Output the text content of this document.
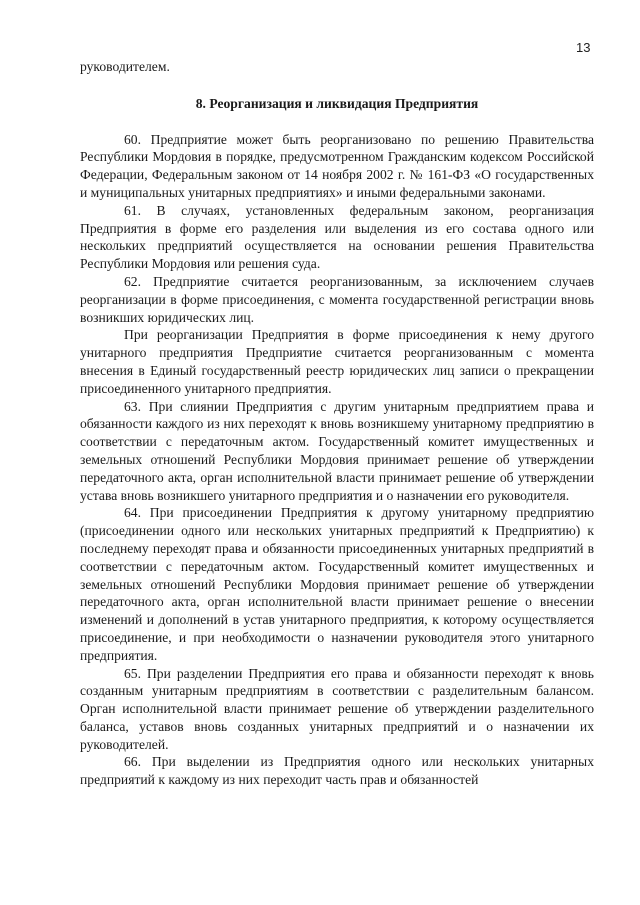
13

руководителем.

8. Реорганизация и ликвидация Предприятия

60. Предприятие может быть реорганизовано по решению Правительства Республики Мордовия в порядке, предусмотренном Гражданским кодексом Российской Федерации, Федеральным законом от 14 ноября 2002 г. № 161-ФЗ «О государственных и муниципальных унитарных предприятиях» и иными федеральными законами.

61. В случаях, установленных федеральным законом, реорганизация Предприятия в форме его разделения или выделения из его состава одного или нескольких предприятий осуществляется на основании решения Правительства Республики Мордовия или решения суда.

62. Предприятие считается реорганизованным, за исключением случаев реорганизации в форме присоединения, с момента государственной регистрации вновь возникших юридических лиц.

При реорганизации Предприятия в форме присоединения к нему другого унитарного предприятия Предприятие считается реорганизованным с момента внесения в Единый государственный реестр юридических лиц записи о прекращении присоединенного унитарного предприятия.

63. При слиянии Предприятия с другим унитарным предприятием права и обязанности каждого из них переходят к вновь возникшему унитарному предприятию в соответствии с передаточным актом. Государственный комитет имущественных и земельных отношений Республики Мордовия принимает решение об утверждении передаточного акта, орган исполнительной власти принимает решение об утверждении устава вновь возникшего унитарного предприятия и о назначении его руководителя.

64. При присоединении Предприятия к другому унитарному предприятию (присоединении одного или нескольких унитарных предприятий к Предприятию) к последнему переходят права и обязанности присоединенных унитарных предприятий в соответствии с передаточным актом. Государственный комитет имущественных и земельных отношений Республики Мордовия принимает решение об утверждении передаточного акта, орган исполнительной власти принимает решение о внесении изменений и дополнений в устав унитарного предприятия, к которому осуществляется присоединение, и при необходимости о назначении руководителя этого унитарного предприятия.

65. При разделении Предприятия его права и обязанности переходят к вновь созданным унитарным предприятиям в соответствии с разделительным балансом. Орган исполнительной власти принимает решение об утверждении разделительного баланса, уставов вновь созданных унитарных предприятий и о назначении их руководителей.

66. При выделении из Предприятия одного или нескольких унитарных предприятий к каждому из них переходит часть прав и обязанностей
